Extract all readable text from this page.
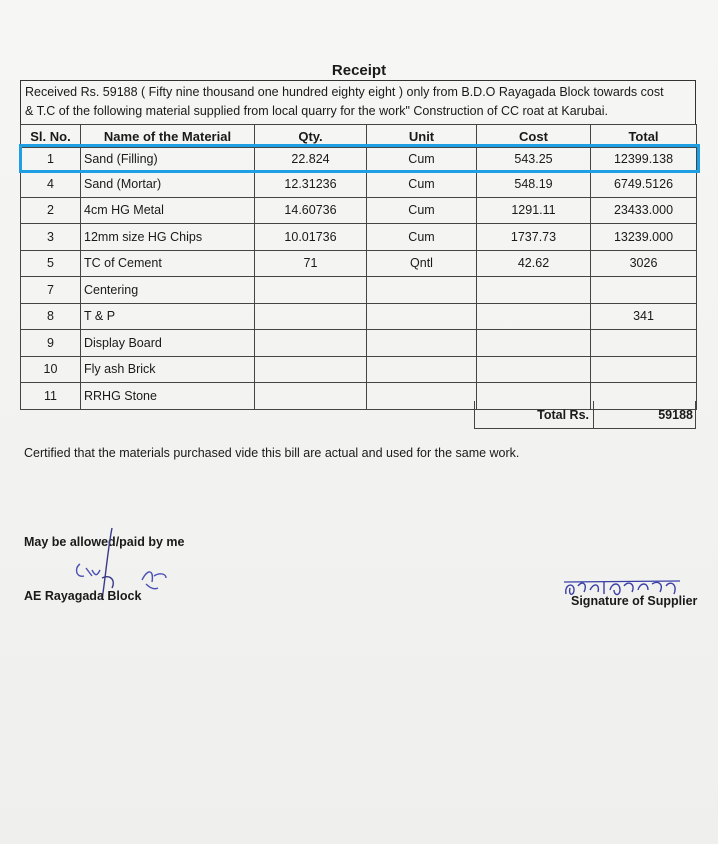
Receipt
Received Rs. 59188 ( Fifty nine thousand one hundred eighty eight ) only from B.D.O Rayagada Block towards cost
& T.C of the following material supplied from local quarry for the work" Construction of CC roat at Karubai.
Sl. No.	Name of the Material	Qty.	Unit	Cost	Total
1	Sand (Filling)	22.824	Cum	543.25	12399.138
4	Sand (Mortar)	12.31236	Cum	548.19	6749.5126
2	4cm HG Metal	14.60736	Cum	1291.11	23433.000
3	12mm size HG Chips	10.01736	Cum	1737.73	13239.000
5	TC of Cement	71	Qntl	42.62	3026
7	Centering				
8	T & P				341
9	Display Board				
10	Fly ash Brick				
11	RRHG Stone				
Total Rs.	59188
Certified that the materials purchased vide this bill are actual and used for the same work.
May be allowed/paid by me
AE Rayagada Block	Signature of Supplier
